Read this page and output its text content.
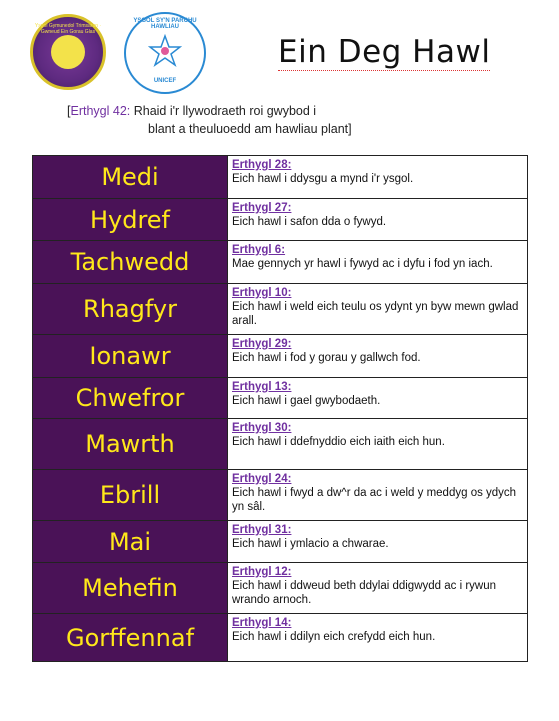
Ysgol Gymunedol Trimsaran · Gwneud Ein Gorau Glas
YSGOL SY'N PARCHU HAWLIAU
UNICEF
Ein Deg Hawl
[Erthygl 42: Rhaid i'r llywodraeth roi gwybod i
blant a theuluoedd am hawliau plant]
Medi	Erthygl 28:
Eich hawl i ddysgu a mynd i'r ysgol.
Hydref	Erthygl 27:
Eich hawl i safon dda o fywyd.
Tachwedd	Erthygl 6:
Mae gennych yr hawl i fywyd ac i dyfu i fod yn iach.
Rhagfyr	Erthygl 10:
Eich hawl i weld eich teulu os ydynt yn byw mewn gwlad arall.
Ionawr	Erthygl 29:
Eich hawl i fod y gorau y gallwch fod.
Chwefror	Erthygl 13:
Eich hawl i gael gwybodaeth.
Mawrth	Erthygl 30:
Eich hawl i ddefnyddio eich iaith eich hun.
Ebrill	Erthygl 24:
Eich hawl i fwyd a dw^r da ac i weld y meddyg os ydych yn sâl.
Mai	Erthygl 31:
Eich hawl i ymlacio a chwarae.
Mehefin	Erthygl 12:
Eich hawl i ddweud beth ddylai ddigwydd ac i rywun wrando arnoch.
Gorffennaf	Erthygl 14:
Eich hawl i ddilyn eich crefydd eich hun.
